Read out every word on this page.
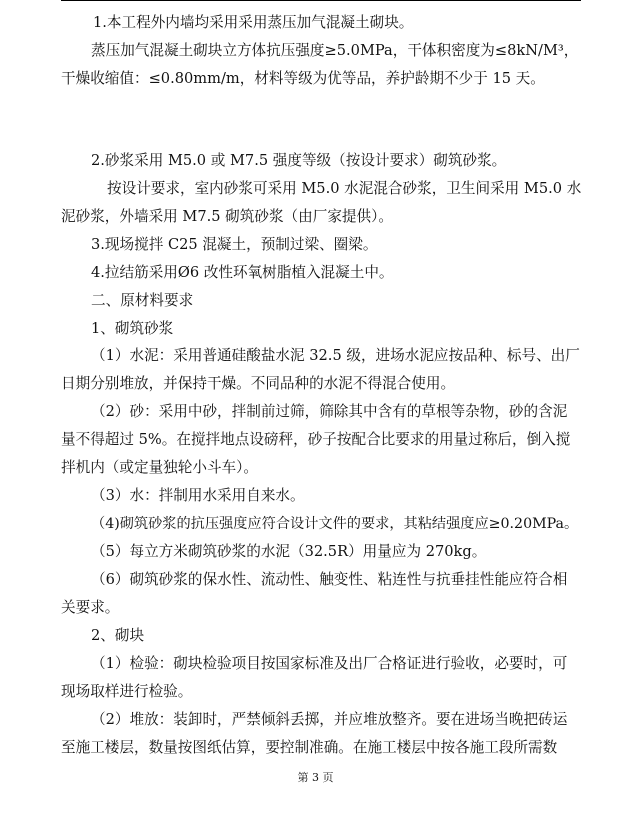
1.本工程外内墙均采用采用蒸压加气混凝土砌块。
蒸压加气混凝土砌块立方体抗压强度≥5.0MPa，干体积密度为≤8kN/M³，
干燥收缩值：≤0.80mm/m，材料等级为优等品，养护龄期不少于 15 天。
2.砂浆采用 M5.0 或 M7.5 强度等级（按设计要求）砌筑砂浆。
按设计要求，室内砂浆可采用 M5.0 水泥混合砂浆，卫生间采用 M5.0 水
泥砂浆，外墙采用 M7.5 砌筑砂浆（由厂家提供）。
3.现场搅拌 C25 混凝土，预制过梁、圈梁。
4.拉结筋采用Ø6 改性环氧树脂植入混凝土中。
二、原材料要求
1、砌筑砂浆
（1）水泥：采用普通硅酸盐水泥 32.5 级，进场水泥应按品种、标号、出厂
日期分别堆放，并保持干燥。不同品种的水泥不得混合使用。
（2）砂：采用中砂，拌制前过筛，筛除其中含有的草根等杂物，砂的含泥
量不得超过 5%。在搅拌地点设磅秤，砂子按配合比要求的用量过称后，倒入搅
拌机内（或定量独轮小斗车）。
（3）水：拌制用水采用自来水。
（4)砌筑砂浆的抗压强度应符合设计文件的要求，其粘结强度应≥0.20MPa。
（5）每立方米砌筑砂浆的水泥（32.5R）用量应为 270kg。
（6）砌筑砂浆的保水性、流动性、触变性、粘连性与抗垂挂性能应符合相
关要求。
2、砌块
（1）检验：砌块检验项目按国家标准及出厂合格证进行验收，必要时，可
现场取样进行检验。
（2）堆放：装卸时，严禁倾斜丢掷，并应堆放整齐。要在进场当晚把砖运
至施工楼层，数量按图纸估算，要控制准确。在施工楼层中按各施工段所需数
第 3 页
